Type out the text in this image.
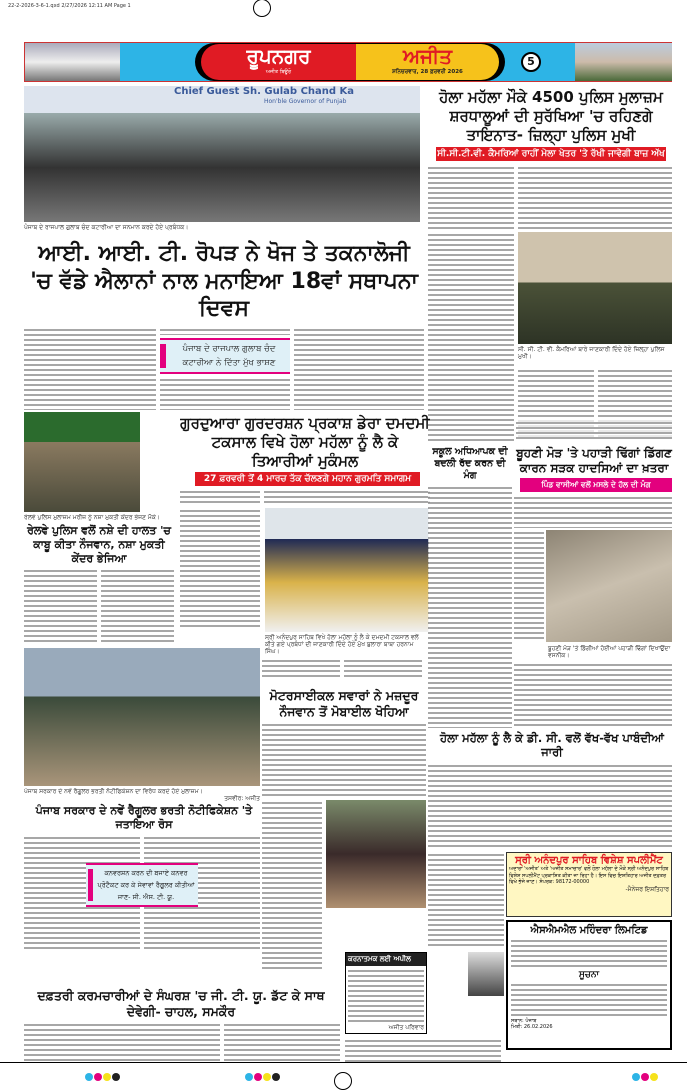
22-2-2026-3-6-1.qxd 2/27/2026 12:11 AM Page 1
ਰੂਪਨਗਰ
ਅਜੀਤ ਬਿਊਰੋ
ਅਜੀਤ
ਸ਼ਨਿਚਰਵਾਰ, 28 ਫ਼ਰਵਰੀ 2026
5
Chief Guest Sh. Gulab Chand Ka
Hon'ble Governor of Punjab
ਪੰਜਾਬ ਦੇ ਰਾਜਪਾਲ ਗੁਲਾਬ ਚੰਦ ਕਟਾਰੀਆ ਦਾ ਸਨਮਾਨ ਕਰਦੇ ਹੋਏ ਪ੍ਰਬੰਧਕ।
ਹੋਲਾ ਮਹੱਲਾ ਮੌਕੇ 4500 ਪੁਲਿਸ ਮੁਲਾਜ਼ਮ ਸ਼ਰਧਾਲੂਆਂ ਦੀ ਸੁਰੱਖਿਆ 'ਚ ਰਹਿਣਗੇ ਤਾਇਨਾਤ- ਜ਼ਿਲ੍ਹਾ ਪੁਲਿਸ ਮੁਖੀ
ਸੀ.ਸੀ.ਟੀ.ਵੀ. ਕੈਮਰਿਆਂ ਰਾਹੀਂ ਮੇਲਾ ਖੇਤਰ 'ਤੇ ਰੱਖੀ ਜਾਵੇਗੀ ਬਾਜ਼ ਅੱਖ
ਸੀ. ਸੀ. ਟੀ. ਵੀ. ਕੈਮਰਿਆਂ ਬਾਰੇ ਜਾਣਕਾਰੀ ਦਿੰਦੇ ਹੋਏ ਜ਼ਿਲ੍ਹਾ ਪੁਲਿਸ ਮੁਖੀ।
ਆਈ. ਆਈ. ਟੀ. ਰੋਪੜ ਨੇ ਖੋਜ ਤੇ ਤਕਨਾਲੋਜੀ 'ਚ ਵੱਡੇ ਐਲਾਨਾਂ ਨਾਲ ਮਨਾਇਆ 18ਵਾਂ ਸਥਾਪਨਾ ਦਿਵਸ
ਪੰਜਾਬ ਦੇ ਰਾਜਪਾਲ ਗੁਲਾਬ ਚੰਦ ਕਟਾਰੀਆ ਨੇ ਦਿੱਤਾ ਮੁੱਖ ਭਾਸ਼ਣ
ਰੇਲਵੇ ਪੁਲਿਸ ਮੁਲਾਜ਼ਮ ਮਰੀਜ਼ ਨੂੰ ਨਸ਼ਾ ਮੁਕਤੀ ਕੇਂਦਰ ਭੇਜਣ ਮੌਕੇ।
ਰੇਲਵੇ ਪੁਲਿਸ ਵਲੋਂ ਨਸ਼ੇ ਦੀ ਹਾਲਤ 'ਚ ਕਾਬੂ ਕੀਤਾ ਨੌਜਵਾਨ, ਨਸ਼ਾ ਮੁਕਤੀ ਕੇਂਦਰ ਭੇਜਿਆ
ਗੁਰਦੁਆਰਾ ਗੁਰਦਰਸ਼ਨ ਪ੍ਰਕਾਸ਼ ਡੇਰਾ ਦਮਦਮੀ ਟਕਸਾਲ ਵਿਖੇ ਹੋਲਾ ਮਹੱਲਾ ਨੂੰ ਲੈ ਕੇ ਤਿਆਰੀਆਂ ਮੁਕੰਮਲ
27 ਫ਼ਰਵਰੀ ਤੋਂ 4 ਮਾਰਚ ਤੱਕ ਚੱਲਣਗੇ ਮਹਾਨ ਗੁਰਮਤਿ ਸਮਾਗਮ
ਸ੍ਰੀ ਅਨੰਦਪੁਰ ਸਾਹਿਬ ਵਿਖੇ ਹੋਲਾ ਮਹੱਲਾ ਨੂੰ ਲੈ ਕੇ ਦਮਦਮੀ ਟਕਸਾਲ ਵਲੋਂ ਕੀਤੇ ਗਏ ਪ੍ਰਬੰਧਾਂ ਦੀ ਜਾਣਕਾਰੀ ਦਿੰਦੇ ਹੋਏ ਮੁੱਖ ਬੁਲਾਰਾ ਬਾਬਾ ਹਰਨਾਮ ਸਿੰਘ।
ਸਕੂਲ ਅਧਿਆਪਕ ਦੀ ਬਦਲੀ ਰੱਦ ਕਰਨ ਦੀ ਮੰਗ
ਬੂਹਣੀ ਮੋੜ 'ਤੇ ਪਹਾੜੀ ਢਿੱਗਾਂ ਡਿੱਗਣ ਕਾਰਨ ਸੜਕ ਹਾਦਸਿਆਂ ਦਾ ਖ਼ਤਰਾ
ਪਿੰਡ ਵਾਸੀਆਂ ਵਲੋਂ ਮਸਲੇ ਦੇ ਹੱਲ ਦੀ ਮੰਗ
ਬੂਹਣੀ ਮੋੜ 'ਤੇ ਡਿੱਗੀਆਂ ਹੋਈਆਂ ਪਹਾੜੀ ਢਿੱਗਾਂ ਦਿਖਾਉਂਦਾ ਵਸਨੀਕ।
ਮੋਟਰਸਾਈਕਲ ਸਵਾਰਾਂ ਨੇ ਮਜ਼ਦੂਰ ਨੌਜਵਾਨ ਤੋਂ ਮੋਬਾਈਲ ਖੋਹਿਆ
ਹੋਲਾ ਮਹੱਲਾ ਨੂੰ ਲੈ ਕੇ ਡੀ. ਸੀ. ਵਲੋਂ ਵੱਖ-ਵੱਖ ਪਾਬੰਦੀਆਂ ਜਾਰੀ
ਪੰਜਾਬ ਸਰਕਾਰ ਦੇ ਨਵੇਂ ਰੈਗੂਲਰ ਭਰਤੀ ਨੋਟੀਫਿਕੇਸ਼ਨ ਦਾ ਵਿਰੋਧ ਕਰਦੇ ਹੋਏ ਮੁਲਾਜ਼ਮ।
ਤਸਵੀਰ: ਅਜੀਤ
ਪੰਜਾਬ ਸਰਕਾਰ ਦੇ ਨਵੇਂ ਰੈਗੂਲਰ ਭਰਤੀ ਨੋਟੀਫਿਕੇਸ਼ਨ 'ਤੇ ਜਤਾਇਆ ਰੋਸ
ਕਨਵਰਸ਼ਨ ਕਰਨ ਦੀ ਬਜਾਏ ਕਨਵਰ ਪ੍ਰੋਟੈਕਟ ਕਰ ਕੇ ਸੇਵਾਵਾਂ ਰੈਗੂਲਰ ਕੀਤੀਆਂ ਜਾਣ- ਸੀ. ਐਸ. ਟੀ. ਯੂ.
ਕਰਨਾਤਮਕ ਲਈ ਅਪੀਲ
ਅਜੀਤ ਪਰਿਵਾਰ
ਸ੍ਰੀ ਅਨੰਦਪੁਰ ਸਾਹਿਬ ਵਿਸ਼ੇਸ਼ ਸਪਲੀਮੈਂਟ
ਅਦਾਰਾ 'ਅਜੀਤ' ਅਤੇ 'ਅਜੀਤ ਸਮਾਚਾਰ' ਵਲੋਂ ਹੋਲਾ ਮਹੱਲਾ ਦੇ ਮੌਕੇ ਸ੍ਰੀ ਅਨੰਦਪੁਰ ਸਾਹਿਬ ਵਿਸ਼ੇਸ਼ ਸਪਲੀਮੈਂਟ ਪ੍ਰਕਾਸ਼ਿਤ ਕੀਤਾ ਜਾ ਰਿਹਾ ਹੈ। ਇਸ ਵਿਚ ਇਸ਼ਤਿਹਾਰ ਅਜੀਤ ਦਫ਼ਤਰ ਵਿਖੇ ਭੇਜੇ ਜਾਣ। ਸੰਪਰਕ: 98172-00000
-ਮੈਨੇਜਰ ਇਸ਼ਤਿਹਾਰ
ਐਸਐਮਐਲ ਮਹਿੰਦਰਾ ਲਿਮਟਿਡ
ਸੂਚਨਾ
ਸਥਾਨ: ਪੰਜਾਬ
ਮਿਤੀ: 26.02.2026
ਦਫ਼ਤਰੀ ਕਰਮਚਾਰੀਆਂ ਦੇ ਸੰਘਰਸ਼ 'ਚ ਜੀ. ਟੀ. ਯੂ. ਡੱਟ ਕੇ ਸਾਥ ਦੇਵੇਗੀ- ਚਾਹਲ, ਸਮਕੌਰ
